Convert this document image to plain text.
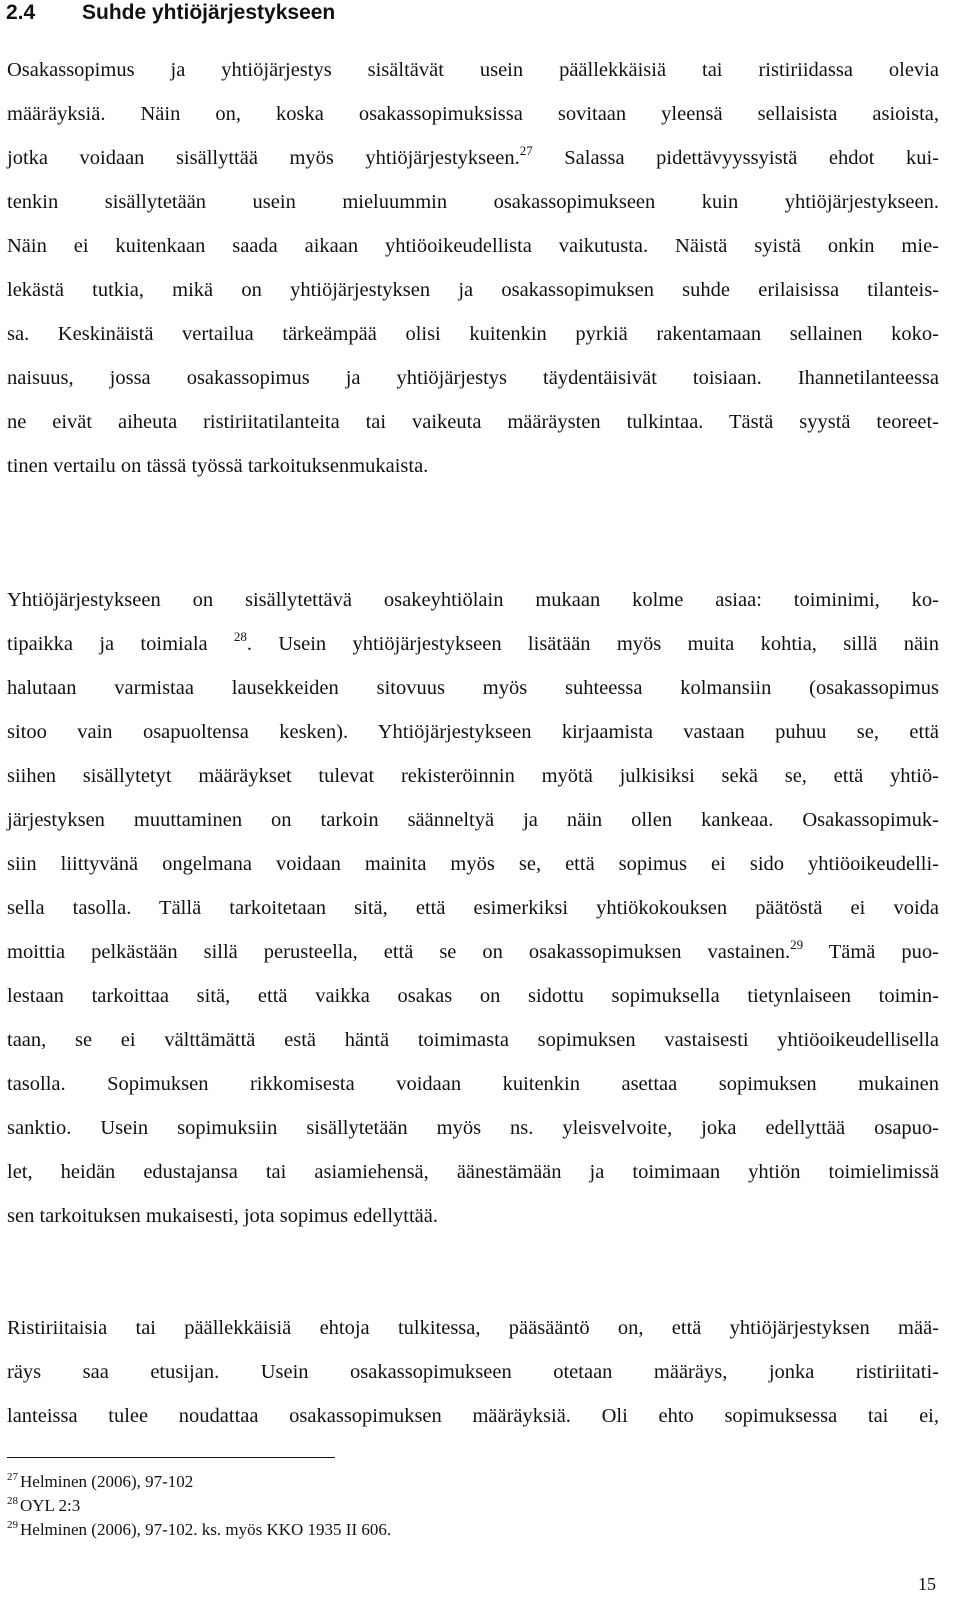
2.4 Suhde yhtiöjärjestykseen
Osakassopimus ja yhtiöjärjestys sisältävät usein päällekkäisiä tai ristiriidassa olevia
määräyksiä. Näin on, koska osakassopimuksissa sovitaan yleensä sellaisista asioista,
jotka voidaan sisällyttää myös yhtiöjärjestykseen.$^{27}$ Salassa pidettävyyssyistä ehdot kui-
tenkin sisällytetään usein mieluummin osakassopimukseen kuin yhtiöjärjestykseen.
Näin ei kuitenkaan saada aikaan yhtiöoikeudellista vaikutusta. Näistä syistä onkin mie-
lekästä tutkia, mikä on yhtiöjärjestyksen ja osakassopimuksen suhde erilaisissa tilanteis-
sa. Keskinäistä vertailua tärkeämpää olisi kuitenkin pyrkiä rakentamaan sellainen koko-
naisuus, jossa osakassopimus ja yhtiöjärjestys täydentäisivät toisiaan. Ihannetilanteessa
ne eivät aiheuta ristiriitatilanteita tai vaikeuta määräysten tulkintaa. Tästä syystä teoreet-
tinen vertailu on tässä työssä tarkoituksenmukaista.
Yhtiöjärjestykseen on sisällytettävä osakeyhtiölain mukaan kolme asiaa: toiminimi, ko-
tipaikka ja toimiala $^{28}$. Usein yhtiöjärjestykseen lisätään myös muita kohtia, sillä näin
halutaan varmistaa lausekkeiden sitovuus myös suhteessa kolmansiin (osakassopimus
sitoo vain osapuoltensa kesken). Yhtiöjärjestykseen kirjaamista vastaan puhuu se, että
siihen sisällytetyt määräykset tulevat rekisteröinnin myötä julkisiksi sekä se, että yhtiö-
järjestyksen muuttaminen on tarkoin säänneltyä ja näin ollen kankeaa. Osakassopimuk-
siin liittyvänä ongelmana voidaan mainita myös se, että sopimus ei sido yhtiöoikeudelli-
sella tasolla. Tällä tarkoitetaan sitä, että esimerkiksi yhtiökokouksen päätöstä ei voida
moittia pelkästään sillä perusteella, että se on osakassopimuksen vastainen.$^{29}$ Tämä puo-
lestaan tarkoittaa sitä, että vaikka osakas on sidottu sopimuksella tietynlaiseen toimin-
taan, se ei välttämättä estä häntä toimimasta sopimuksen vastaisesti yhtiöoikeudellisella
tasolla. Sopimuksen rikkomisesta voidaan kuitenkin asettaa sopimuksen mukainen
sanktio. Usein sopimuksiin sisällytetään myös ns. yleisvelvoite, joka edellyttää osapuo-
let, heidän edustajansa tai asiamiehensä, äänestämään ja toimimaan yhtiön toimielimissä
sen tarkoituksen mukaisesti, jota sopimus edellyttää.
Ristiriitaisia tai päällekkäisiä ehtoja tulkitessa, pääsääntö on, että yhtiöjärjestyksen mää-
räys saa etusijan. Usein osakassopimukseen otetaan määräys, jonka ristiriitati-
lanteissa tulee noudattaa osakassopimuksen määräyksiä. Oli ehto sopimuksessa tai ei,
$^{27}$ Helminen (2006), 97-102
$^{28}$ OYL 2:3
$^{29}$ Helminen (2006), 97-102. ks. myös KKO 1935 II 606.
15
